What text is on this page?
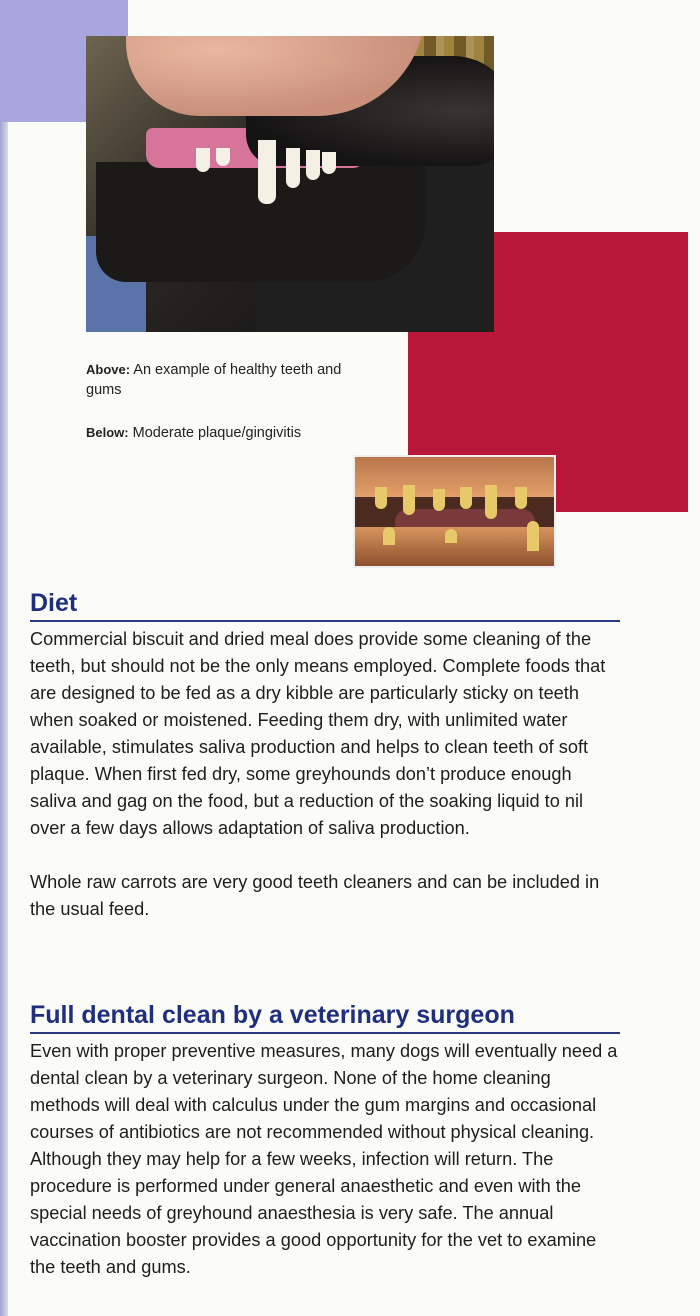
Above: An example of healthy teeth and gums
Below: Moderate plaque/gingivitis
Diet

Commercial biscuit and dried meal does provide some cleaning of the teeth, but should not be the only means employed. Complete foods that are designed to be fed as a dry kibble are particularly sticky on teeth when soaked or moistened. Feeding them dry, with unlimited water available, stimulates saliva production and helps to clean teeth of soft plaque. When first fed dry, some greyhounds don’t produce enough saliva and gag on the food, but a reduction of the soaking liquid to nil over a few days allows adaptation of saliva production.

Whole raw carrots are very good teeth cleaners and can be included in the usual feed.

Full dental clean by a veterinary surgeon

Even with proper preventive measures, many dogs will eventually need a dental clean by a veterinary surgeon. None of the home cleaning methods will deal with calculus under the gum margins and occasional courses of antibiotics are not recommended without physical cleaning. Although they may help for a few weeks, infection will return. The procedure is performed under general anaesthetic and even with the special needs of greyhound anaesthesia is very safe. The annual vaccination booster provides a good opportunity for the vet to examine the teeth and gums.
